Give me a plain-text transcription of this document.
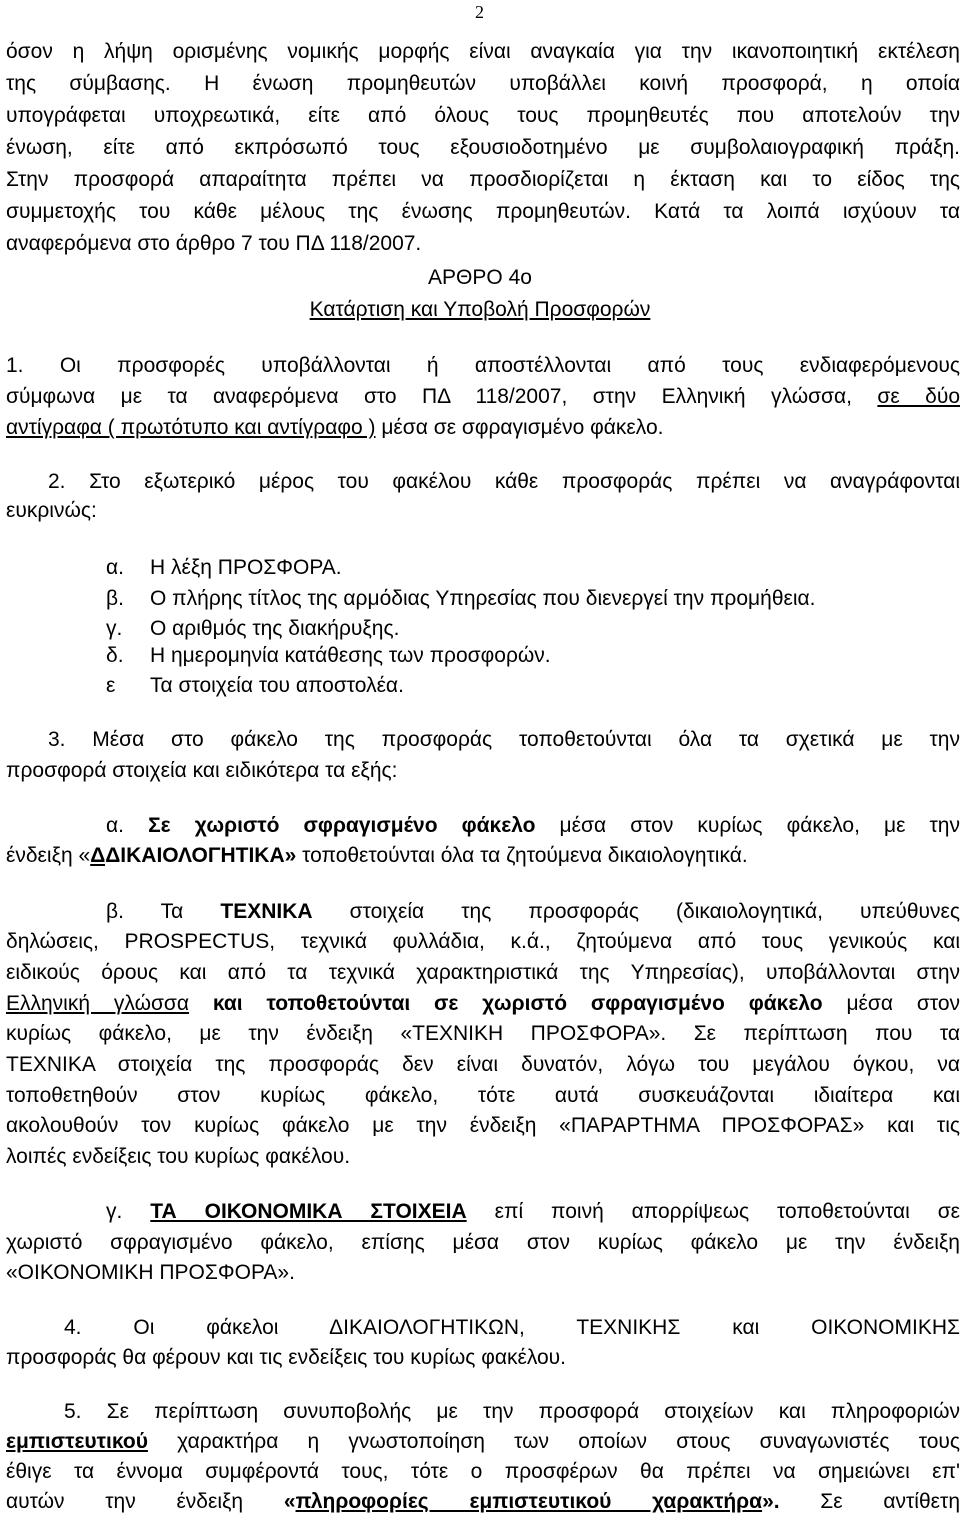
2

όσον η λήψη ορισμένης νομικής μορφής είναι αναγκαία για την ικανοποιητική εκτέλεση

της σύμβασης. Η ένωση προμηθευτών υποβάλλει κοινή προσφορά, η οποία

υπογράφεται υποχρεωτικά, είτε από όλους τους προμηθευτές που αποτελούν την

ένωση, είτε από εκπρόσωπό τους εξουσιοδοτημένο με συμβολαιογραφική πράξη.

Στην προσφορά απαραίτητα πρέπει να προσδιορίζεται η έκταση και το είδος της

συμμετοχής του κάθε μέλους της ένωσης προμηθευτών. Κατά τα λοιπά ισχύουν τα

αναφερόμενα στο άρθρο 7 του ΠΔ 118/2007.

ΑΡΘΡΟ 4ο

Κατάρτιση και Υποβολή Προσφορών

1. Οι προσφορές υποβάλλονται ή αποστέλλονται από τους ενδιαφερόμενους

σύμφωνα με τα αναφερόμενα στο ΠΔ 118/2007, στην Ελληνική γλώσσα, σε δύο

αντίγραφα ( πρωτότυπο και αντίγραφο ) μέσα σε σφραγισμένο φάκελο.

2. Στο εξωτερικό μέρος του φακέλου κάθε προσφοράς πρέπει να αναγράφονται

ευκρινώς:

α.	Η λέξη ΠΡΟΣΦΟΡΑ.

β.	Ο πλήρης τίτλος της αρμόδιας Υπηρεσίας που διενεργεί την προμήθεια.

γ.	Ο αριθμός της διακήρυξης.

δ.	Η ημερομηνία κατάθεσης των προσφορών.

ε	Τα στοιχεία του αποστολέα.

3. Μέσα στο φάκελο της προσφοράς τοποθετούνται όλα τα σχετικά με την

προσφορά στοιχεία και ειδικότερα τα εξής:

α. Σε χωριστό σφραγισμένο φάκελο μέσα στον κυρίως φάκελο, με την

ένδειξη «ΔΔΙΚΑΙΟΛΟΓΗΤΙΚΑ» τοποθετούνται όλα τα ζητούμενα δικαιολογητικά.

β. Τα ΤΕΧΝΙΚΑ στοιχεία της προσφοράς (δικαιολογητικά, υπεύθυνες

δηλώσεις, PROSPECTUS, τεχνικά φυλλάδια, κ.ά., ζητούμενα από τους γενικούς και

ειδικούς όρους και από τα τεχνικά χαρακτηριστικά της Υπηρεσίας), υποβάλλονται στην

Ελληνική γλώσσα και τοποθετούνται σε χωριστό σφραγισμένο φάκελο μέσα στον

κυρίως φάκελο, με την ένδειξη «ΤΕΧΝΙΚΗ ΠΡΟΣΦΟΡΑ». Σε περίπτωση που τα

ΤΕΧΝΙΚΑ στοιχεία της προσφοράς δεν είναι δυνατόν, λόγω του μεγάλου όγκου, να

τοποθετηθούν στον κυρίως φάκελο, τότε αυτά συσκευάζονται ιδιαίτερα και

ακολουθούν τον κυρίως φάκελο με την ένδειξη «ΠΑΡΑΡΤΗΜΑ ΠΡΟΣΦΟΡΑΣ» και τις

λοιπές ενδείξεις του κυρίως φακέλου.

γ. ΤΑ ΟΙΚΟΝΟΜΙΚΑ ΣΤΟΙΧΕΙΑ επί ποινή απορρίψεως τοποθετούνται σε

χωριστό σφραγισμένο φάκελο, επίσης μέσα στον κυρίως φάκελο με την ένδειξη

«ΟΙΚΟΝΟΜΙΚΗ ΠΡΟΣΦΟΡΑ».

4. Οι φάκελοι ΔΙΚΑΙΟΛΟΓΗΤΙΚΩΝ, ΤΕΧΝΙΚΗΣ και ΟΙΚΟΝΟΜΙΚΗΣ

προσφοράς θα φέρουν και τις ενδείξεις του κυρίως φακέλου.

5. Σε περίπτωση συνυποβολής με την προσφορά στοιχείων και πληροφοριών

εμπιστευτικού χαρακτήρα η γνωστοποίηση των οποίων στους συναγωνιστές τους

έθιγε τα έννομα συμφέροντά τους, τότε ο προσφέρων θα πρέπει να σημειώνει επ'

αυτών την ένδειξη «πληροφορίες εμπιστευτικού χαρακτήρα». Σε αντίθετη
